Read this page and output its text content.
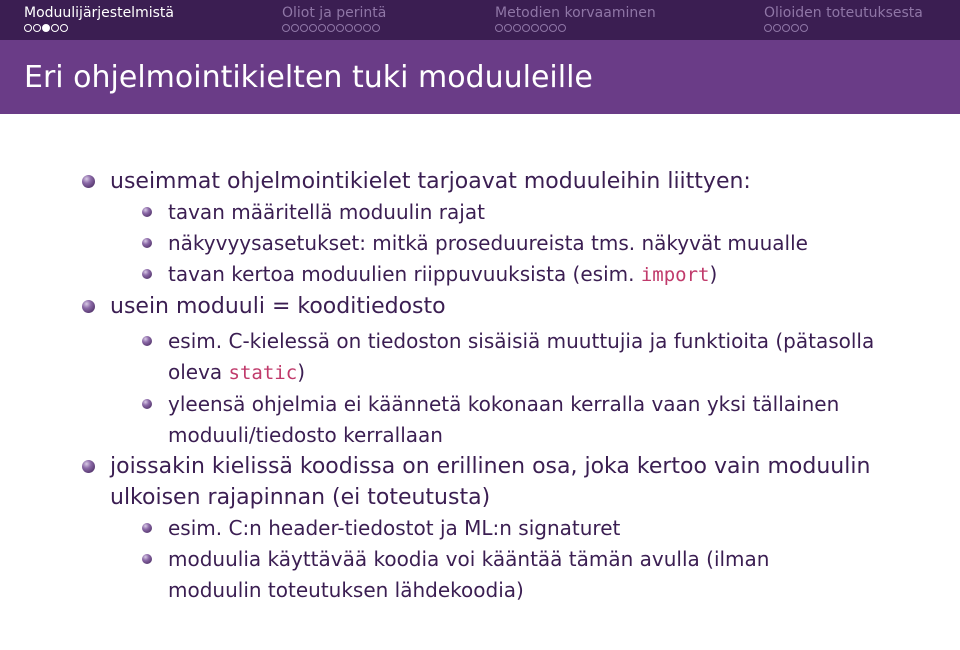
Moduulijärjestelmistä	Oliot ja perintä	Metodien korvaaminen	Olioiden toteutuksesta
Eri ohjelmointikielten tuki moduuleille
useimmat ohjelmointikielet tarjoavat moduuleihin liittyen:
tavan määritellä moduulin rajat
näkyvyysasetukset: mitkä proseduureista tms. näkyvät muualle
tavan kertoa moduulien riippuvuuksista (esim. import)
usein moduuli = kooditiedosto
esim. C-kielessä on tiedoston sisäisiä muuttujia ja funktioita (pätasolla oleva static)
yleensä ohjelmia ei käännetä kokonaan kerralla vaan yksi tällainen moduuli/tiedosto kerrallaan
joissakin kielissä koodissa on erillinen osa, joka kertoo vain moduulin ulkoisen rajapinnan (ei toteutusta)
esim. C:n header-tiedostot ja ML:n signaturet
moduulia käyttävää koodia voi kääntää tämän avulla (ilman moduulin toteutuksen lähdekoodia)
